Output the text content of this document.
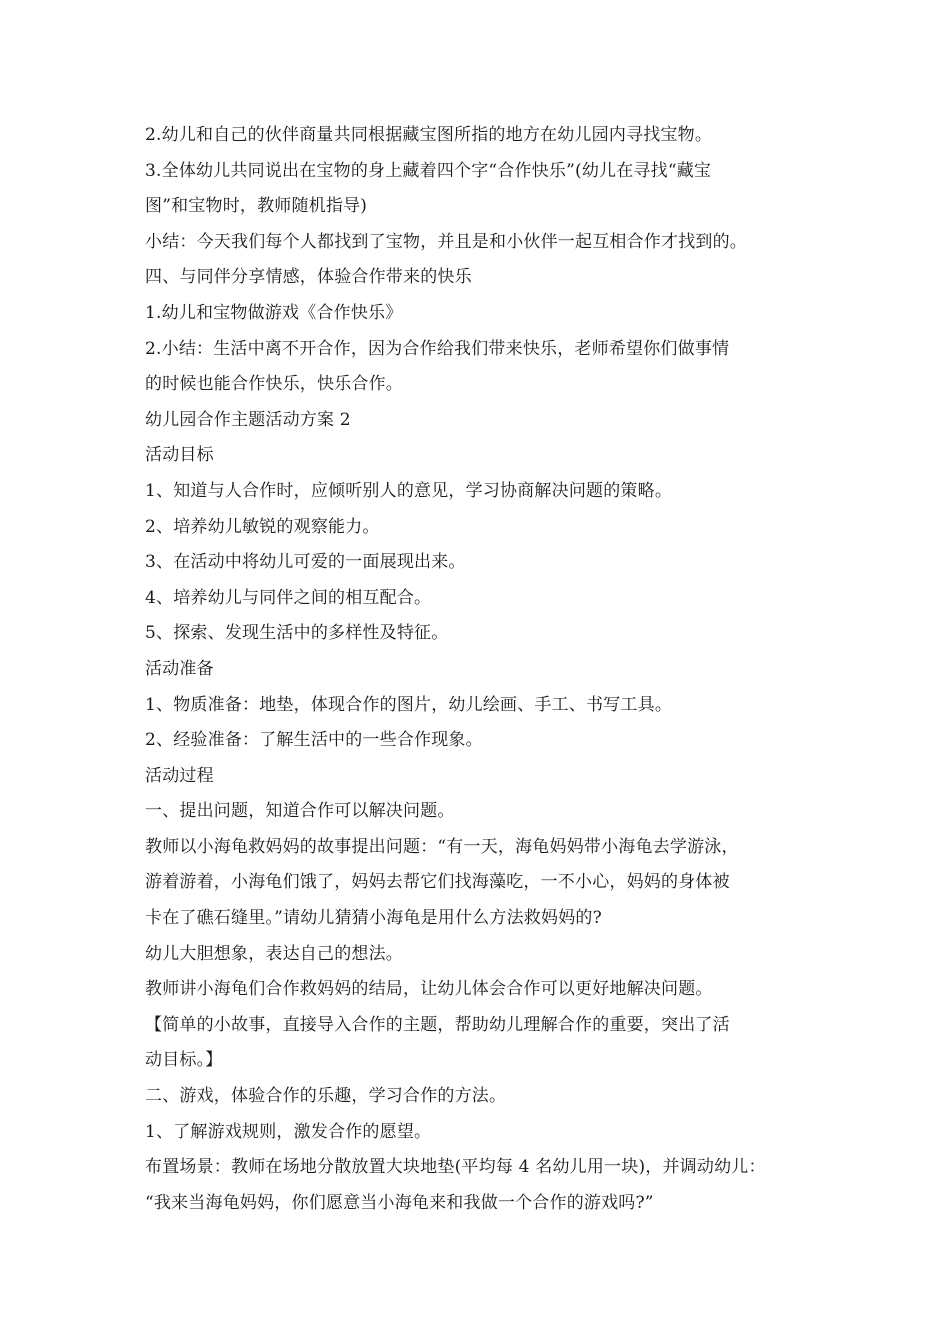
2.幼儿和自己的伙伴商量共同根据藏宝图所指的地方在幼儿园内寻找宝物。
3.全体幼儿共同说出在宝物的身上藏着四个字“合作快乐”(幼儿在寻找“藏宝
图”和宝物时，教师随机指导)
小结：今天我们每个人都找到了宝物，并且是和小伙伴一起互相合作才找到的。
四、与同伴分享情感，体验合作带来的快乐
1.幼儿和宝物做游戏《合作快乐》
2.小结：生活中离不开合作，因为合作给我们带来快乐，老师希望你们做事情
的时候也能合作快乐，快乐合作。
幼儿园合作主题活动方案 2
活动目标
1、知道与人合作时，应倾听别人的意见，学习协商解决问题的策略。
2、培养幼儿敏锐的观察能力。
3、在活动中将幼儿可爱的一面展现出来。
4、培养幼儿与同伴之间的相互配合。
5、探索、发现生活中的多样性及特征。
活动准备
1、物质准备：地垫，体现合作的图片，幼儿绘画、手工、书写工具。
2、经验准备：了解生活中的一些合作现象。
活动过程
一、提出问题，知道合作可以解决问题。
教师以小海龟救妈妈的故事提出问题：“有一天，海龟妈妈带小海龟去学游泳，
游着游着，小海龟们饿了，妈妈去帮它们找海藻吃，一不小心，妈妈的身体被
卡在了礁石缝里。”请幼儿猜猜小海龟是用什么方法救妈妈的?
幼儿大胆想象，表达自己的想法。
教师讲小海龟们合作救妈妈的结局，让幼儿体会合作可以更好地解决问题。
【简单的小故事，直接导入合作的主题，帮助幼儿理解合作的重要，突出了活
动目标。】
二、游戏，体验合作的乐趣，学习合作的方法。
1、了解游戏规则，激发合作的愿望。
布置场景：教师在场地分散放置大块地垫(平均每 4 名幼儿用一块)，并调动幼儿：
“我来当海龟妈妈，你们愿意当小海龟来和我做一个合作的游戏吗?”
